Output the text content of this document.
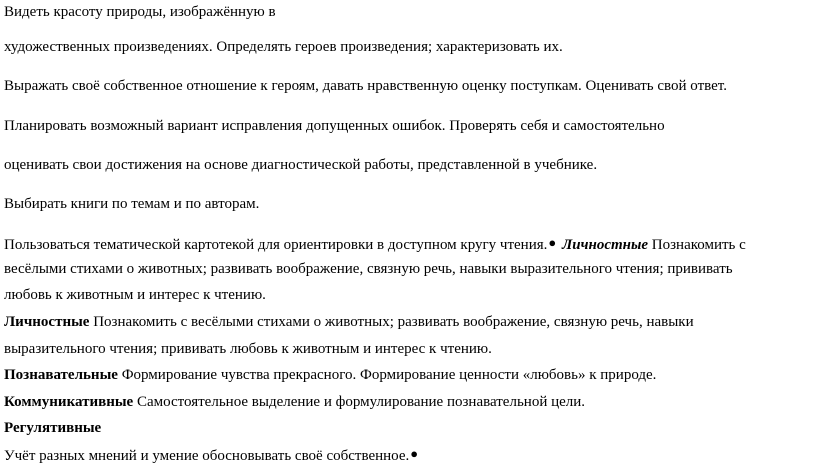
Видеть красоту природы, изображённую в
художественных произведениях. Определять героев произведения; характеризовать их.
Выражать своё собственное отношение к героям, давать нравственную оценку поступкам. Оценивать свой ответ.
Планировать возможный вариант исправления допущенных ошибок. Проверять себя и самостоятельно
оценивать свои достижения на основе диагностической работы, представленной в учебнике.
Выбирать книги по темам и по авторам.
Пользоваться тематической картотекой для ориентировки в доступном кругу чтения.● Личностные Познакомить с
весёлыми стихами о животных; развивать воображение, связную речь, навыки выразительного чтения; прививать
любовь к животным и интерес к чтению.
Личностные Познакомить с весёлыми стихами о животных; развивать воображение, связную речь, навыки
выразительного чтения; прививать любовь к животным и интерес к чтению.
Познавательные Формирование чувства прекрасного. Формирование ценности «любовь» к природе.
Коммуникативные Самостоятельное выделение и формулирование познавательной цели.
Регулятивные
Учёт разных мнений и умение обосновывать своё собственное.●
